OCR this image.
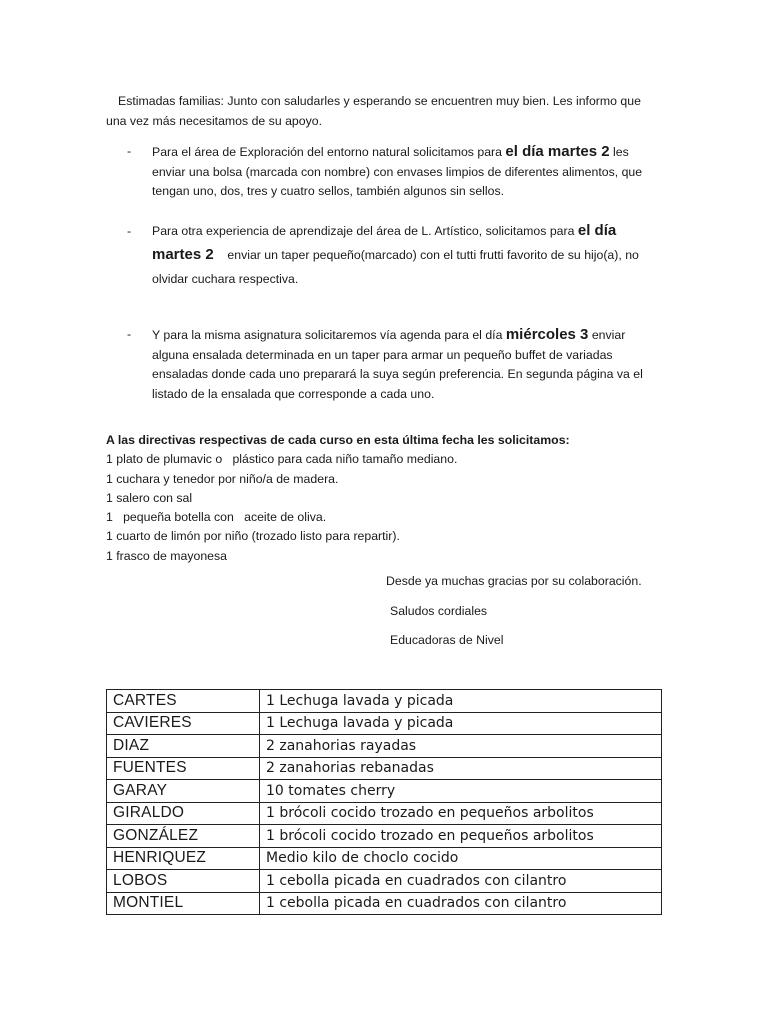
Estimadas familias: Junto con saludarles y esperando se encuentren muy bien. Les informo que
una vez más necesitamos de su apoyo.
- Para el área de Exploración del entorno natural solicitamos para el día martes 2 les enviar una bolsa (marcada con nombre) con envases limpios de diferentes alimentos, que tengan uno, dos, tres y cuatro sellos, también algunos sin sellos.
- Para otra experiencia de aprendizaje del área de L. Artístico, solicitamos para el día martes 2    enviar un taper pequeño(marcado) con el tutti frutti favorito de su hijo(a), no olvidar cuchara respectiva.
- Y para la misma asignatura solicitaremos vía agenda para el día miércoles 3 enviar alguna ensalada determinada en un taper para armar un pequeño buffet de variadas ensaladas donde cada uno preparará la suya según preferencia. En segunda página va el listado de la ensalada que corresponde a cada uno.
A las directivas respectivas de cada curso en esta última fecha les solicitamos:
1 plato de plumavic o   plástico para cada niño tamaño mediano.
1 cuchara y tenedor por niño/a de madera.
1 salero con sal
1   pequeña botella con   aceite de oliva.
1 cuarto de limón por niño (trozado listo para repartir).
1 frasco de mayonesa
Desde ya muchas gracias por su colaboración.
Saludos cordiales
Educadoras de Nivel
CARTES	1 Lechuga lavada y picada
CAVIERES	1 Lechuga lavada y picada
DIAZ	2 zanahorias rayadas
FUENTES	2 zanahorias rebanadas
GARAY	10 tomates cherry
GIRALDO	1 brócoli cocido trozado en pequeños arbolitos
GONZÁLEZ	1 brócoli cocido trozado en pequeños arbolitos
HENRIQUEZ	Medio kilo de choclo cocido
LOBOS	1 cebolla picada en cuadrados con cilantro
MONTIEL	1 cebolla picada en cuadrados con cilantro
